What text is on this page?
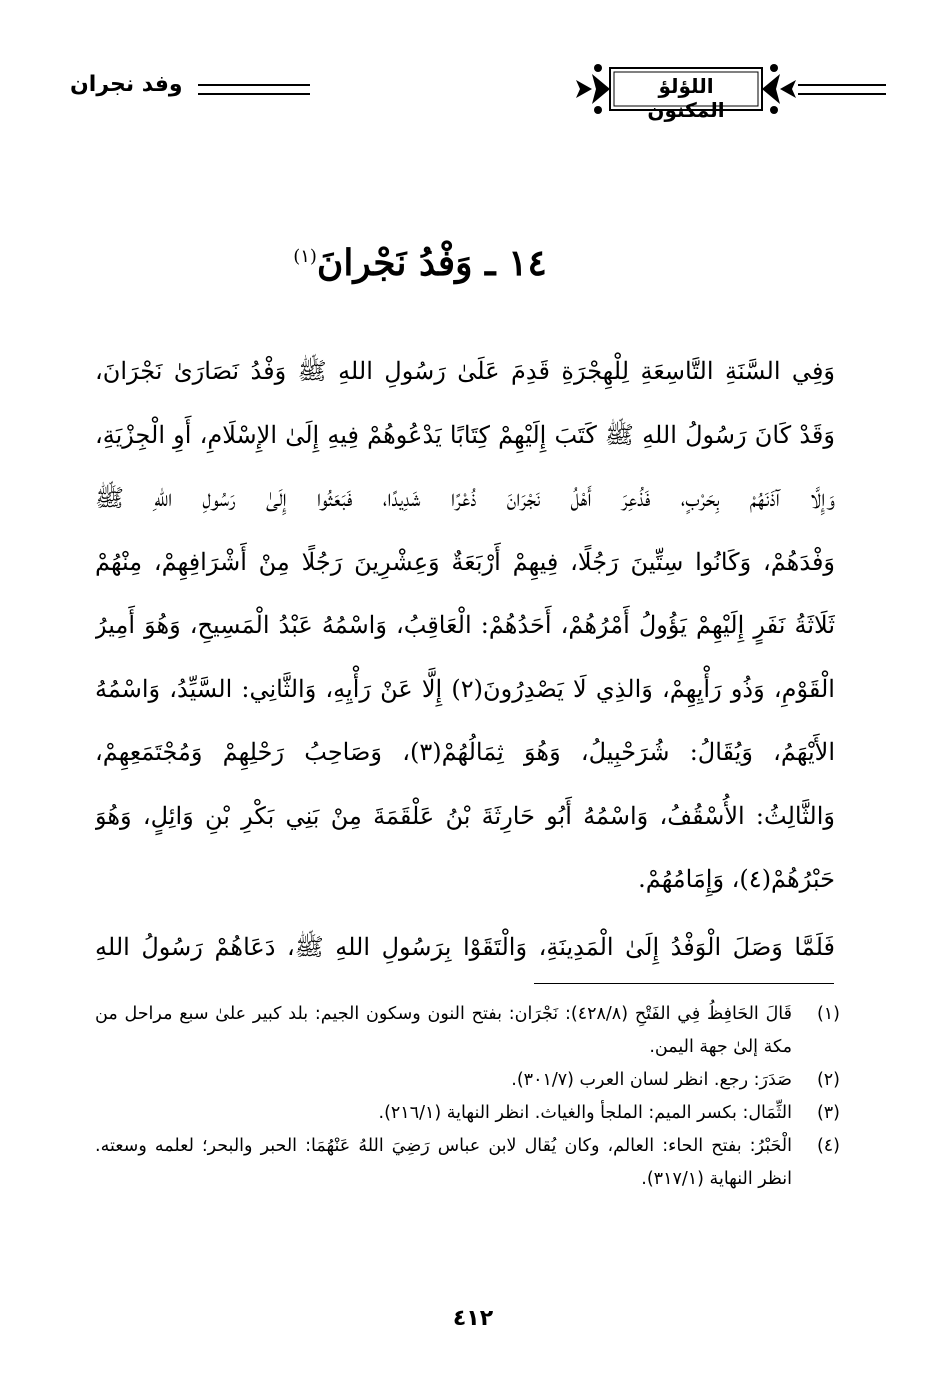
وفد نجران	اللؤلؤ المكنون
١٤ ـ وَفْدُ نَجْرانَ$^{(١)}$
وَفِي السَّنَةِ التَّاسِعَةِ لِلْهِجْرَةِ قَدِمَ عَلَىٰ رَسُولِ اللهِ ﷺ وَفْدُ نَصَارَىٰ نَجْرَانَ،
وَقَدْ كَانَ رَسُولُ اللهِ ﷺ كَتَبَ إِلَيْهِمْ كِتَابًا يَدْعُوهُمْ فِيهِ إِلَىٰ الإِسْلَامِ، أَوِ الْجِزْيَةِ،
وَإِلَّا آذَنَهُمْ بِحَرْبٍ، فَذُعِرَ أَهْلُ نَجْرَانَ ذُعْرًا شَدِيدًا، فَبَعَثُوا إِلَىٰ رَسُولِ اللهِ ﷺ
وَفْدَهُمْ، وَكَانُوا سِتِّينَ رَجُلًا، فِيهِمْ أَرْبَعَةٌ وَعِشْرِينَ رَجُلًا مِنْ أَشْرَافِهِمْ، مِنْهُمْ
ثَلَاثَةُ نَفَرٍ إِلَيْهِمْ يَؤُولُ أَمْرُهُمْ، أَحَدُهُمْ: الْعَاقِبُ، وَاسْمُهُ عَبْدُ الْمَسِيحِ، وَهُوَ أَمِيرُ
الْقَوْمِ، وَذُو رَأْيِهِمْ، وَالذِي لَا يَصْدِرُونَ(٢) إِلَّا عَنْ رَأْيِهِ، وَالثَّانِي: السَّيِّدُ، وَاسْمُهُ
الأَيْهَمُ، وَيُقَالُ: شُرَحْبِيلُ، وَهُوَ ثِمَالُهُمْ(٣)، وَصَاحِبُ رَحْلِهِمْ وَمُجْتَمَعِهِمْ،
وَالثَّالِثُ: الأُسْقُفُ، وَاسْمُهُ أَبُو حَارِثَةَ بْنُ عَلْقَمَةَ مِنْ بَنِي بَكْرِ بْنِ وَائِلٍ، وَهُوَ
حَبْرُهُمْ(٤)، وَإِمَامُهُمْ.
فَلَمَّا وَصَلَ الْوَفْدُ إِلَىٰ الْمَدِينَةِ، وَالْتَقَوْا بِرَسُولِ اللهِ ﷺ، دَعَاهُمْ رَسُولُ اللهِ
(١)
قَالَ الحَافِظُ فِي الفَتْحِ (٤٢٨/٨): نَجْرَان: بفتح النون وسكون الجيم: بلد كبير علىٰ سبع مراحل من مكة إلىٰ جهة اليمن.
(٢)
صَدَرَ: رجع. انظر لسان العرب (٣٠١/٧).
(٣)
الثِّمَال: بكسر الميم: الملجأ والغياث. انظر النهاية (٢١٦/١).
(٤)
الْحَبْرُ: بفتح الحاء: العالم، وكان يُقال لابن عباس رَضِيَ اللهُ عَنْهُمَا: الحبر والبحر؛ لعلمه وسعته. انظر النهاية (٣١٧/١).
٤١٢
